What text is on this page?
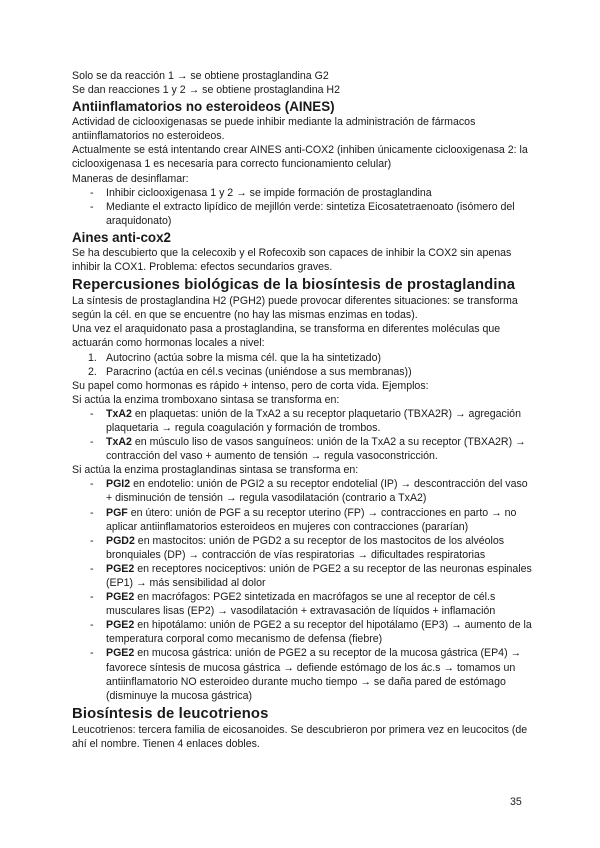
Solo se da reacción 1 → se obtiene prostaglandina G2

Se dan reacciones 1 y 2 → se obtiene prostaglandina H2

Antiinflamatorios no esteroideos (AINES)

Actividad de ciclooxigenasas se puede inhibir mediante la administración de fármacos antiinflamatorios no esteroideos.

Actualmente se está intentando crear AINES anti-COX2 (inhiben únicamente ciclooxigenasa 2: la ciclooxigenasa 1 es necesaria para correcto funcionamiento celular)

Maneras de desinflamar:

- Inhibir ciclooxigenasa 1 y 2 → se impide formación de prostaglandina
- Mediante el extracto lipídico de mejillón verde: sintetiza Eicosatetraenoato (isómero del araquidonato)
Aines anti-cox2

Se ha descubierto que la celecoxib y el Rofecoxib son capaces de inhibir la COX2 sin apenas inhibir la COX1. Problema: efectos secundarios graves.

Repercusiones biológicas de la biosíntesis de prostaglandina

La síntesis de prostaglandina H2 (PGH2) puede provocar diferentes situaciones: se transforma según la cél. en que se encuentre (no hay las mismas enzimas en todas).

Una vez el araquidonato pasa a prostaglandina, se transforma en diferentes moléculas que actuarán como hormonas locales a nivel:

1. Autocrino (actúa sobre la misma cél. que la ha sintetizado)
2. Paracrino (actúa en cél.s vecinas (uniéndose a sus membranas))

Su papel como hormonas es rápido + intenso, pero de corta vida. Ejemplos:

Si actúa la enzima tromboxano sintasa se transforma en:

- TxA2 en plaquetas: unión de la TxA2 a su receptor plaquetario (TBXA2R) → agregación plaquetaria → regula coagulación y formación de trombos.
- TxA2 en músculo liso de vasos sanguíneos: unión de la TxA2 a su receptor (TBXA2R) → contracción del vaso + aumento de tensión → regula vasoconstricción.

Si actúa la enzima prostaglandinas sintasa se transforma en:

- PGI2 en endotelio: unión de PGI2 a su receptor endotelial (IP) → descontracción del vaso + disminución de tensión → regula vasodilatación (contrario a TxA2)
- PGF en útero: unión de PGF a su receptor uterino (FP) → contracciones en parto → no aplicar antiinflamatorios esteroideos en mujeres con contracciones (pararían)
- PGD2 en mastocitos: unión de PGD2 a su receptor de los mastocitos de los alvéolos bronquiales (DP) → contracción de vías respiratorias → dificultades respiratorias
- PGE2 en receptores nociceptivos: unión de PGE2 a su receptor de las neuronas espinales (EP1) → más sensibilidad al dolor
- PGE2 en macrófagos: PGE2 sintetizada en macrófagos se une al receptor de cél.s musculares lisas (EP2) → vasodilatación + extravasación de líquidos + inflamación
- PGE2 en hipotálamo: unión de PGE2 a su receptor del hipotálamo (EP3) → aumento de la temperatura corporal como mecanismo de defensa (fiebre)
- PGE2 en mucosa gástrica: unión de PGE2 a su receptor de la mucosa gástrica (EP4) → favorece síntesis de mucosa gástrica → defiende estómago de los ác.s → tomamos un antiinflamatorio NO esteroideo durante mucho tiempo → se daña pared de estómago (disminuye la mucosa gástrica)
Biosíntesis de leucotrienos

Leucotrienos: tercera familia de eicosanoides. Se descubrieron por primera vez en leucocitos (de ahí el nombre. Tienen 4 enlaces dobles.

35
